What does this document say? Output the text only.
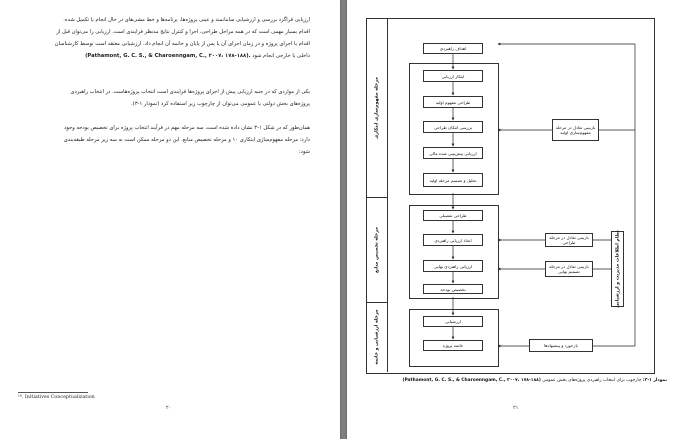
ارزیابی فراگرد بررسی و ارزشیابی سامانمند و عینی پروژه‌ها، برنامه‌ها و خط مشی‌های در حال انجام یا تکمیل شده.
اقدام بسیار مهمی است که در همه مراحل طراحی، اجرا و کنترل نتایج مدنظر فرایندی است. ارزیابی را می‌توان قبل از
اقدام یا اجرای پروژه و در زمان اجرای آن یا پس از پایان و خاتمه آن انجام داد. ارزشیابی معتقد است توسط کارشناسان
داخلی یا خارجی انجام شود (Pathamont, G. C. S., & Charoenngam, C., ۲۰۰۷، ۱۷۸-۱۸۸).
یکی از مواردی که در جنبه ارزیابی پیش از اجرای پروژه‌ها فرایندی است انتخاب پروژه‌هاست. در انتخاب راهبردی
پروژه‌های بخش دولتی یا عمومی می‌توان از چارچوب زیر استفاده کرد (نمودار ۱-۳).
همان‌طور که در شکل ۱-۳ نشان داده شده است، سه مرحله مهم در فرآیند انتخاب پروژه برای تخصیص بودجه وجود
دارد: مرحله مفهوم‌سازی ابتکاری ۱۰ و مرحله تخصیص منابع. این دو مرحله ممکن است به سه زیر مرحله طبقه‌بندی
شود:
¹⁰. Initiatives Conceptualization
۲۰
مرحله مفهوم‌سازی ابتکاری
مرحله تخصیص منابع
مرحله ارزشیابی و خاتمه
اهداف راهبردی
ابتکار ارزیابی
طراحی مفهوم اولیه
بررسی امکان طراحی
ارزیابی پیش‌بینی شده مالی
تحلیل و تصمیم مرحله اولیه
بازبینی تعادل در مرحله مفهوم‌سازی اولیه
طراحی تفصیلی
اتخاذ ارزیابی راهبردی
ارزیابی راهبردی نهایی
تخصیص بودجه
بازبینی تعادل در مرحله طراحی
بازبینی تعادل در مرحله تصمیم نهایی
ارزشیابی
خاتمه پروژه	بازخورد و پیشنهادها
نظام اطلاعات مدیریت و ارزشیابی
نمودار ۱-۳: چارچوب برای انتخاب راهبردی پروژه‌های بخش عمومی (Pathamont, G. C. S., & Charoenngam, C., ۲۰۰۷، ۱۷۸-۱۸۸)
۲۱
